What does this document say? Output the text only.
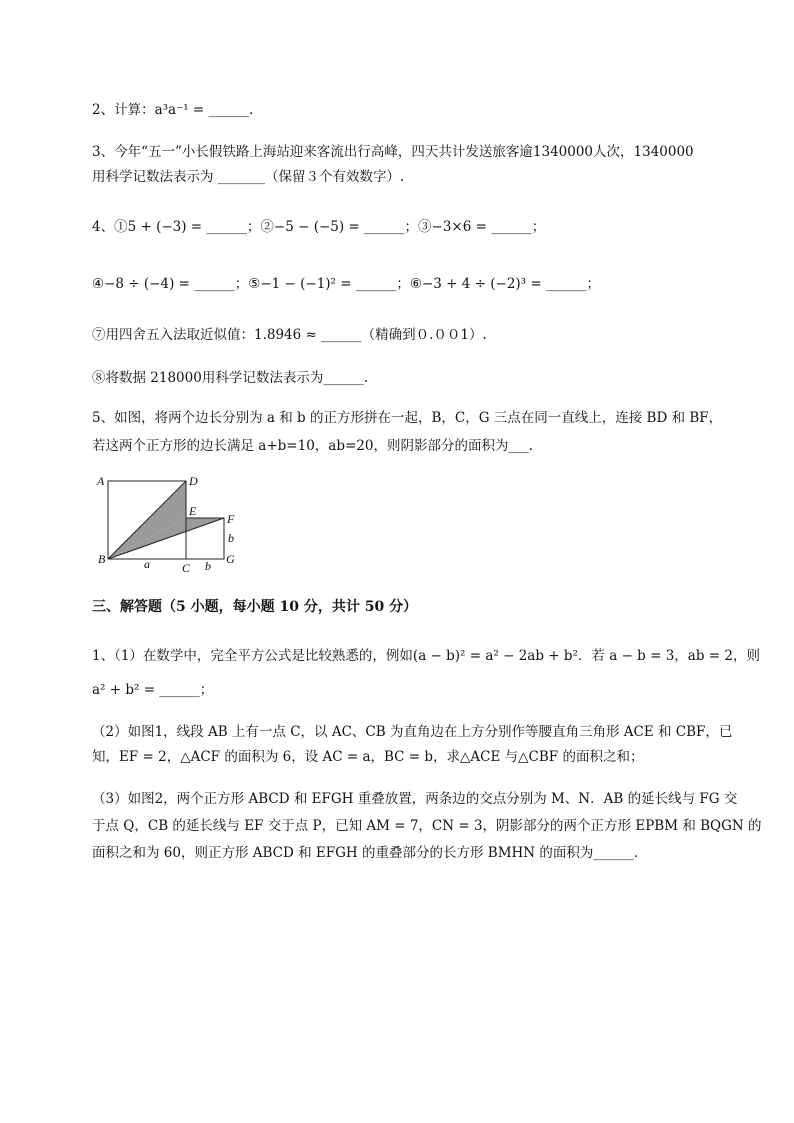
2、计算：a³a⁻¹ = ______.
3、今年“五一”小长假铁路上海站迎来客流出行高峰，四天共计发送旅客逾1340000人次，1340000
用科学记数法表示为 _______（保留３个有效数字）.
4、①5 + (−3) = ______；②−5 − (−5) = ______；③−3×6 = ______；
④−8 ÷ (−4) = ______；⑤−1 − (−1)² = ______；⑥−3 + 4 ÷ (−2)³ = ______；
⑦用四舍五入法取近似值：1.8946 ≈ ______（精确到０.００1）.
⑧将数据 218000用科学记数法表示为______.
5、如图，将两个边长分别为 a 和 b 的正方形拼在一起，B，C，G 三点在同一直线上，连接 BD 和 BF，
若这两个正方形的边长满足 a+b=10，ab=20，则阴影部分的面积为___.
A	D
E
F
b
B	a	C b G
三、解答题（5 小题，每小题 10 分，共计 50 分）
1、（1）在数学中，完全平方公式是比较熟悉的，例如(a − b)² = a² − 2ab + b²．若 a − b = 3，ab = 2，则
a² + b² = ______；
（2）如图1，线段 AB 上有一点 C，以 AC、CB 为直角边在上方分别作等腰直角三角形 ACE 和 CBF，已
知，EF = 2，△ACF 的面积为 6，设 AC = a，BC = b，求△ACE 与△CBF 的面积之和；
（3）如图2，两个正方形 ABCD 和 EFGH 重叠放置，两条边的交点分别为 M、N．AB 的延长线与 FG 交
于点 Q，CB 的延长线与 EF 交于点 P，已知 AM = 7，CN = 3，阴影部分的两个正方形 EPBM 和 BQGN 的
面积之和为 60，则正方形 ABCD 和 EFGH 的重叠部分的长方形 BMHN 的面积为______.
